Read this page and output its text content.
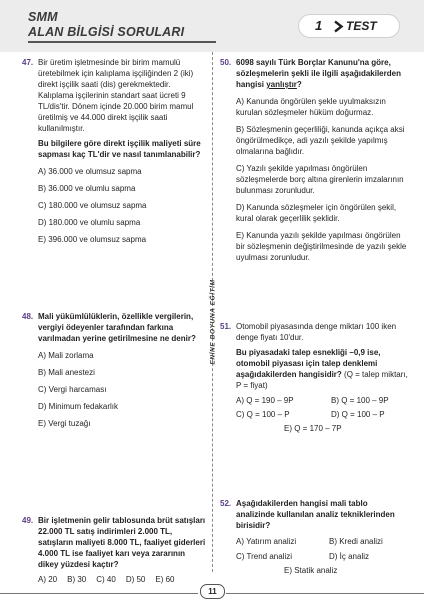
SMM
ALAN BİLGİSİ SORULARI	1 TEST
ENİNE BOYUNA EĞİTİM
47. Bir üretim işletmesinde bir birim mamulü üretebilmek için kalıplama işçiliğinden 2 (iki) direkt işçilik saati (dis) gerekmektedir. Kalıplama işçilerinin standart saat ücreti 9 TL/dis'tir. Dönem içinde 20.000 birim mamul üretilmiş ve 44.000 direkt işçilik saati kullanılmıştır.
Bu bilgilere göre direkt işçilik maliyeti süre sapması kaç TL'dir ve nasıl tanımlanabilir?
A) 36.000 ve olumsuz sapma
B) 36.000 ve olumlu sapma
C) 180.000 ve olumsuz sapma
D) 180.000 ve olumlu sapma
E) 396.000 ve olumsuz sapma
48. Mali yükümlülüklerin, özellikle vergilerin, vergiyi ödeyenler tarafından farkına varılmadan yerine getirilmesine ne denir?
A) Mali zorlama
B) Mali anestezi
C) Vergi harcaması
D) Minimum fedakarlık
E) Vergi tuzağı
49. Bir işletmenin gelir tablosunda brüt satışları 22.000 TL satış indirimleri 2.000 TL, satışların maliyeti 8.000 TL, faaliyet giderleri 4.000 TL ise faaliyet karı veya zararının dikey yüzdesi kaçtır?
A) 20 B) 30 C) 40 D) 50 E) 60
50. 6098 sayılı Türk Borçlar Kanunu'na göre, sözleşmelerin şekli ile ilgili aşağıdakilerden hangisi yanlıştır?
A) Kanunda öngörülen şekle uyulmaksızın kurulan sözleşmeler hüküm doğurmaz.
B) Sözleşmenin geçerliliği, kanunda açıkça aksi öngörülmedikçe, adi yazılı şekilde yapılmış olmalarına bağlıdır.
C) Yazılı şekilde yapılması öngörülen sözleşmelerde borç altına girenlerin imzalarının bulunması zorunludur.
D) Kanunda sözleşmeler için öngörülen şekil, kural olarak geçerlilik şeklidir.
E) Kanunda yazılı şekilde yapılması öngörülen bir sözleşmenin değiştirilmesinde de yazılı şekle uyulması zorunludur.
51. Otomobil piyasasında denge miktarı 100 iken denge fiyatı 10'dur.
Bu piyasadaki talep esnekliği –0,9 ise, otomobil piyasası için talep denklemi aşağıdakilerden hangisidir? (Q = talep miktarı, P = fiyat)
A) Q = 190 – 9P	B) Q = 100 – 9P
C) Q = 100 – P	D) Q = 100 – P
E) Q = 170 – 7P
52. Aşağıdakilerden hangisi mali tablo analizinde kullanılan analiz tekniklerinden birisidir?
A) Yatırım analizi	B) Kredi analizi
C) Trend analizi	D) İç analiz
E) Statik analiz
11
